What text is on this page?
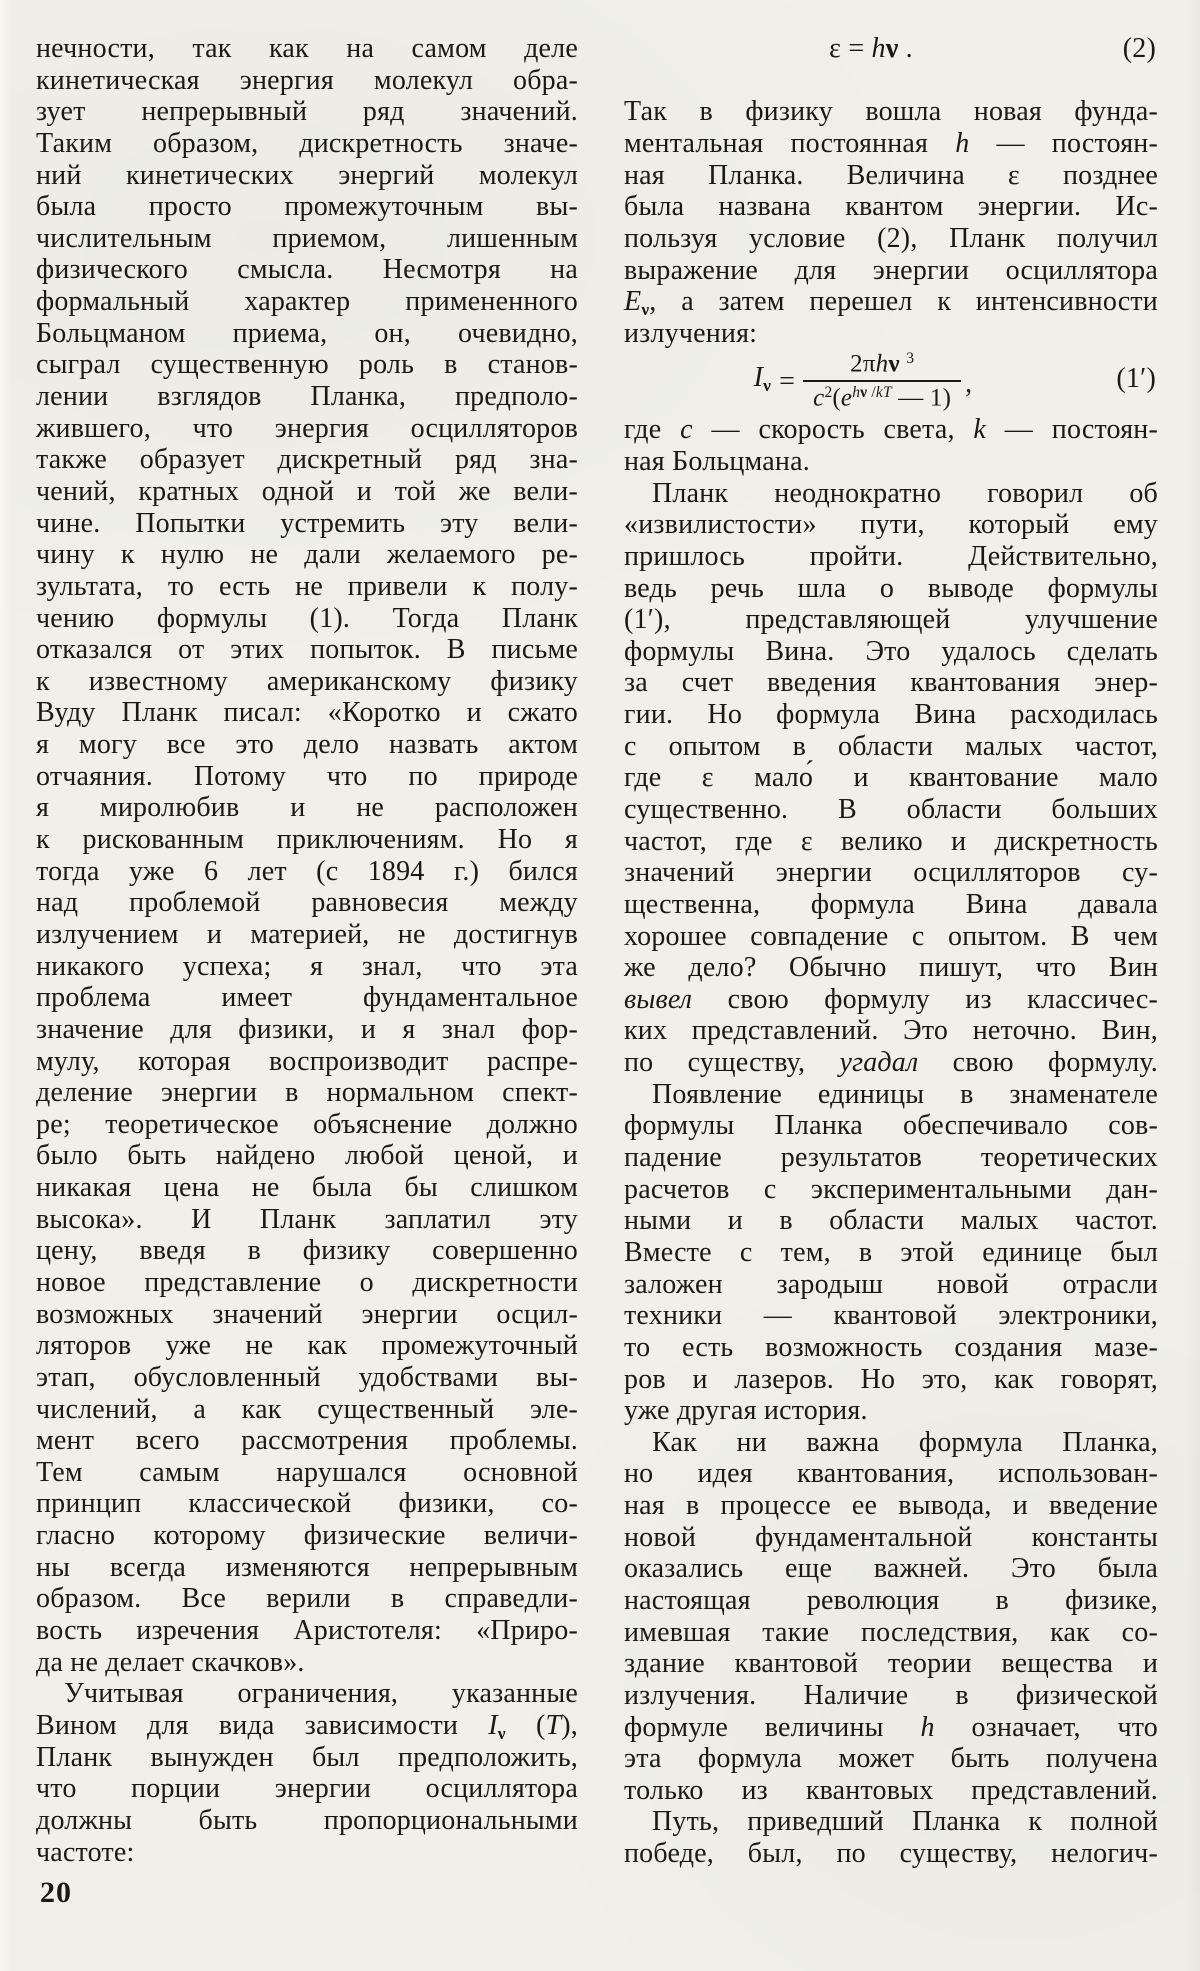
нечности, так как на самом деле
кинетическая энергия молекул обра-
зует непрерывный ряд значений.
Таким образом, дискретность значе-
ний кинетических энергий молекул
была просто промежуточным вы-
числительным приемом, лишенным
физического смысла. Несмотря на
формальный характер примененного
Больцманом приема, он, очевидно,
сыграл существенную роль в станов-
лении взглядов Планка, предполо-
жившего, что энергия осцилляторов
также образует дискретный ряд зна-
чений, кратных одной и той же вели-
чине. Попытки устремить эту вели-
чину к нулю не дали желаемого ре-
зультата, то есть не привели к полу-
чению формулы (1). Тогда Планк
отказался от этих попыток. В письме
к известному американскому физику
Вуду Планк писал: «Коротко и сжато
я могу все это дело назвать актом
отчаяния. Потому что по природе
я миролюбив и не расположен
к рискованным приключениям. Но я
тогда уже 6 лет (с 1894 г.) бился
над проблемой равновесия между
излучением и материей, не достигнув
никакого успеха; я знал, что эта
проблема имеет фундаментальное
значение для физики, и я знал фор-
мулу, которая воспроизводит распре-
деление энергии в нормальном спект-
ре; теоретическое объяснение должно
было быть найдено любой ценой, и
никакая цена не была бы слишком
высока». И Планк заплатил эту
цену, введя в физику совершенно
новое представление о дискретности
возможных значений энергии осцил-
ляторов уже не как промежуточный
этап, обусловленный удобствами вы-
числений, а как существенный эле-
мент всего рассмотрения проблемы.
Тем самым нарушался основной
принцип классической физики, со-
гласно которому физические величи-
ны всегда изменяются непрерывным
образом. Все верили в справедли-
вость изречения Аристотеля: «Приро-
да не делает скачков».
Учитывая ограничения, указанные
Вином для вида зависимости Iν (T),
Планк вынужден был предположить,
что порции энергии осциллятора
должны быть пропорциональными
частоте:
ε = hν .	(2)
Так в физику вошла новая фунда-
ментальная постоянная h — постоян-
ная Планка. Величина ε позднее
была названа квантом энергии. Ис-
пользуя условие (2), Планк получил
выражение для энергии осциллятора
Eν, а затем перешел к интенсивности
излучения:
$I\nu = \frac{2\pi h\nu ^3}{c^2(e^{h\nu /kT} — 1)}$ ,	(1′)
где c — скорость света, k — постоян-
ная Больцмана.
Планк неоднократно говорил об
«извилистости» пути, который ему
пришлось пройти. Действительно,
ведь речь шла о выводе формулы
(1′), представляющей улучшение
формулы Вина. Это удалось сделать
за счет введения квантования энер-
гии. Но формула Вина расходилась
с опытом в области малых частот,
где ε мало́ и квантование мало
существенно. В области больших
частот, где ε велико и дискретность
значений энергии осцилляторов су-
щественна, формула Вина давала
хорошее совпадение с опытом. В чем
же дело? Обычно пишут, что Вин
вывел свою формулу из классичес-
ких представлений. Это неточно. Вин,
по существу, угадал свою формулу.
Появление единицы в знаменателе
формулы Планка обеспечивало сов-
падение результатов теоретических
расчетов с экспериментальными дан-
ными и в области малых частот.
Вместе с тем, в этой единице был
заложен зародыш новой отрасли
техники — квантовой электроники,
то есть возможность создания мазе-
ров и лазеров. Но это, как говорят,
уже другая история.
Как ни важна формула Планка,
но идея квантования, использован-
ная в процессе ее вывода, и введение
новой фундаментальной константы
оказались еще важней. Это была
настоящая революция в физике,
имевшая такие последствия, как со-
здание квантовой теории вещества и
излучения. Наличие в физической
формуле величины h означает, что
эта формула может быть получена
только из квантовых представлений.
Путь, приведший Планка к полной
победе, был, по существу, нелогич-
20
